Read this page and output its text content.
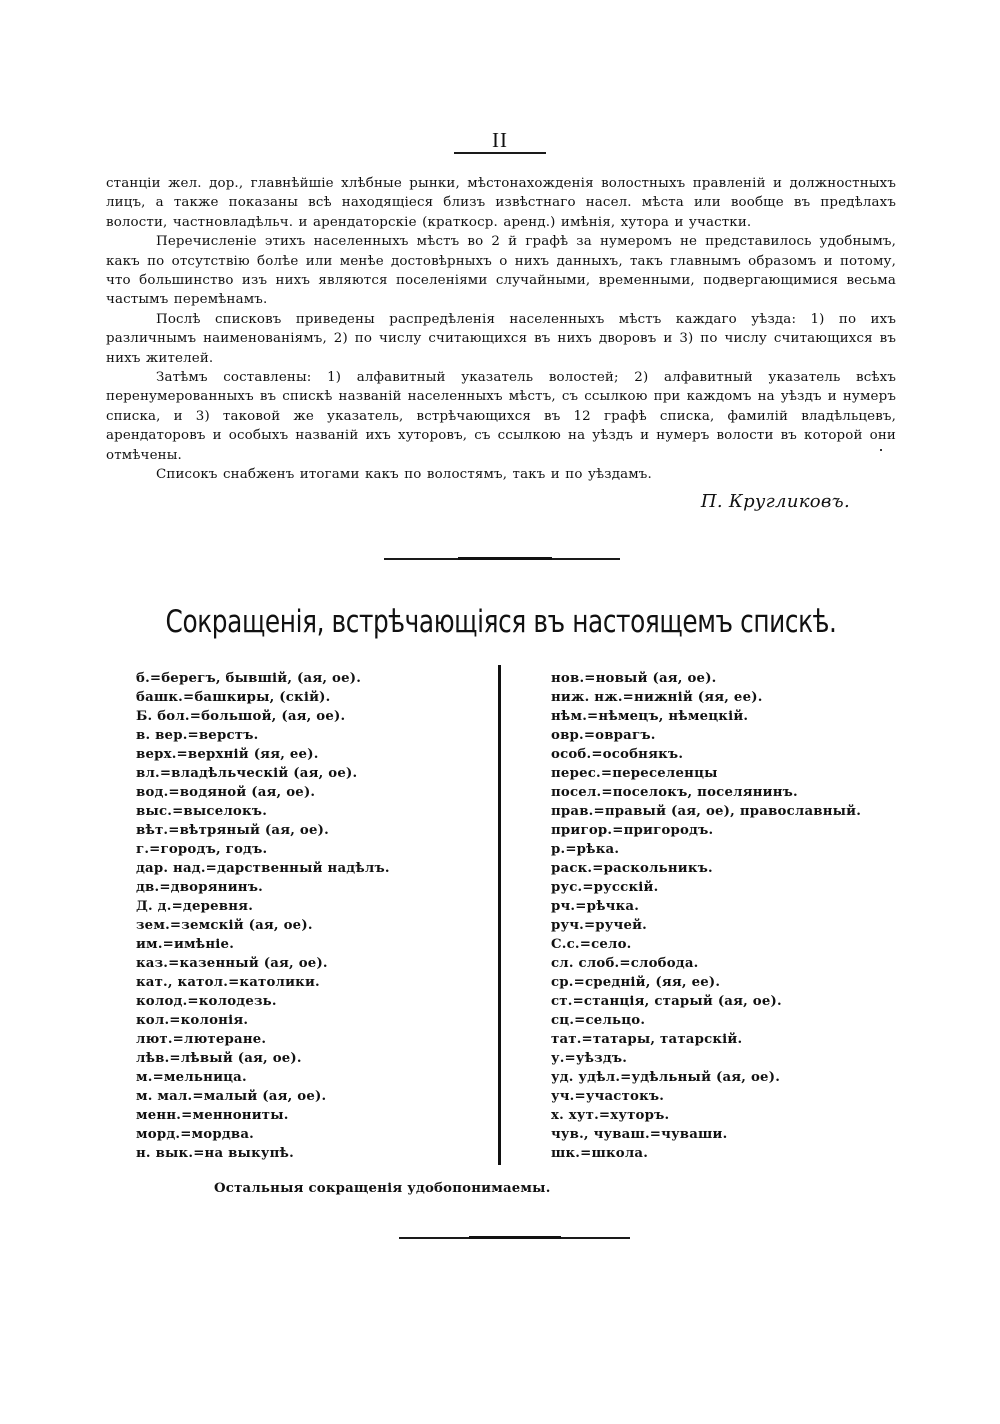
II

станціи жел. дор., главнѣйшіе хлѣбные рынки, мѣстонахожденія волостныхъ правленій и должностныхъ лицъ, а также показаны всѣ находящіеся близъ извѣстнаго насел. мѣста или вообще въ предѣлахъ волости, частновладѣльч. и арендаторскіе (краткоср. аренд.) имѣнія, хутора и участки.

Перечисленіе этихъ населенныхъ мѣстъ во 2 й графѣ за нумеромъ не представилось удобнымъ, какъ по отсутствію болѣе или менѣе достовѣрныхъ о нихъ данныхъ, такъ главнымъ образомъ и потому, что большинство изъ нихъ являются поселеніями случайными, временными, подвергающимися весьма частымъ перемѣнамъ.

Послѣ списковъ приведены распредѣленія населенныхъ мѣстъ каждаго уѣзда: 1) по ихъ различнымъ наименованіямъ, 2) по числу считающихся въ нихъ дворовъ и 3) по числу считающихся въ нихъ жителей.

Затѣмъ составлены: 1) алфавитный указатель волостей; 2) алфавитный указатель всѣхъ перенумерованныхъ въ спискѣ названій населенныхъ мѣстъ, съ ссылкою при каждомъ на уѣздъ и нумеръ списка, и 3) таковой же указатель, встрѣчающихся въ 12 графѣ списка, фамилій владѣльцевъ, арендаторовъ и особыхъ названій ихъ хуторовъ, съ ссылкою на уѣздъ и нумеръ волости въ которой они отмѣчены.

Списокъ снабженъ итогами какъ по волостямъ, такъ и по уѣздамъ.

П. Кругликовъ.
Сокращенія, встрѣчающіяся въ настоящемъ спискѣ.
б.=берегъ, бывшій, (ая, ое).
башк.=башкиры, (скій).
Б. бол.=большой, (ая, ое).
в. вер.=верстъ.
верх.=верхній (яя, ее).
вл.=владѣльческій (ая, ое).
вод.=водяной (ая, ое).
выс.=выселокъ.
вѣт.=вѣтряный (ая, ое).
г.=городъ, годъ.
дар. над.=дарственный надѣлъ.
дв.=дворянинъ.
Д. д.=деревня.
зем.=земскій (ая, ое).
им.=имѣніе.
каз.=казенный (ая, ое).
кат., катол.=католики.
колод.=колодезь.
кол.=колонія.
лют.=лютеране.
лѣв.=лѣвый (ая, ое).
м.=мельница.
м. мал.=малый (ая, ое).
менн.=меннониты.
морд.=мордва.
н. вык.=на выкупѣ.
нов.=новый (ая, ое).
ниж. нж.=нижній (яя, ее).
нѣм.=нѣмецъ, нѣмецкій.
овр.=оврагъ.
особ.=особнякъ.
перес.=переселенцы
посел.=поселокъ, поселянинъ.
прав.=правый (ая, ое), православный.
пригор.=пригородъ.
р.=рѣка.
раск.=раскольникъ.
рус.=русскій.
рч.=рѣчка.
руч.=ручей.
С.с.=село.
сл. слоб.=слобода.
ср.=средній, (яя, ее).
ст.=станція, старый (ая, ое).
сц.=сельцо.
тат.=татары, татарскій.
у.=уѣздъ.
уд. удѣл.=удѣльный (ая, ое).
уч.=участокъ.
х. хут.=хуторъ.
чув., чуваш.=чуваши.
шк.=школа.
Остальныя сокращенія удобопонимаемы.
